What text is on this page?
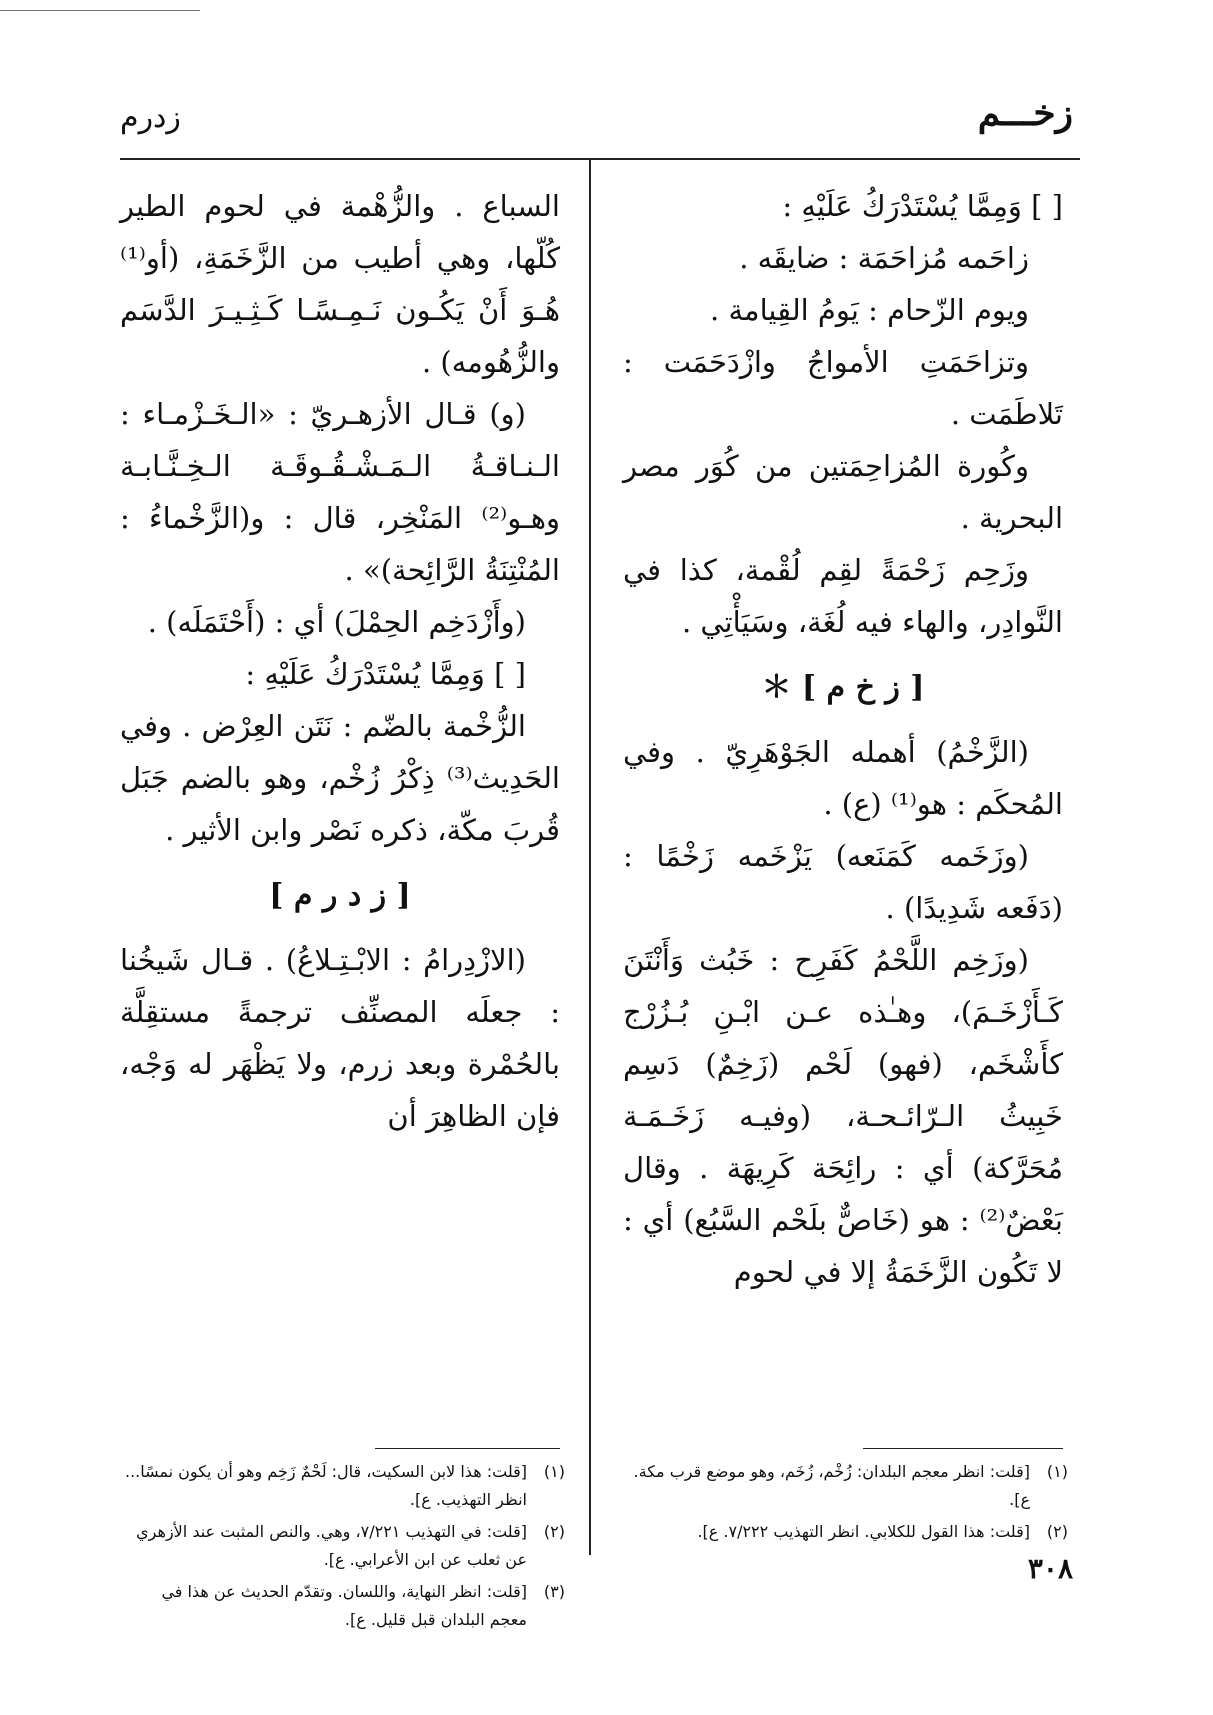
زخـــم
زدرم

[ ] وَمِمَّا يُسْتَدْرَكُ عَلَيْهِ :

زاحَمه مُزاحَمَة : ضايقَه .

ويوم الزّحام : يَومُ القِيامة .

وتزاحَمَتِ الأمواجُ وازْدَحَمَت : تَلاطَمَت .

وكُورة المُزاحِمَتين من كُوَر مصر البحرية .

وزَحِم زَحْمَةً لقِم لُقْمة، كذا في النَّوادِر، والهاء فيه لُغَة، وسَيَأْتِي .

[ ز خ م ] ＊

(الزَّخْمُ) أهمله الجَوْهَرِيّ . وفي المُحكَم : هو⁽¹⁾ (ع) .

(وزَخَمه كَمَنَعه) يَزْخَمه زَخْمًا : (دَفَعه شَدِيدًا) .

(وزَخِم اللَّحْمُ كَفَرِح : خَبُث وَأَنْتَنَ كَـأَزْخَـمَ)، وهـٰذه عـن ابْـنِ بُـزُرْج كأَشْخَم، (فهو) لَحْم (زَخِمٌ) دَسِم خَبِيثُ الـرّائـحـة، (وفيـه زَخَـمَـة مُحَرَّكة) أي : رائِحَة كَرِيهَة . وقال بَعْضٌ⁽²⁾ : هو (خَاصٌّ بلَحْم السَّبُع) أي : لا تَكُون الزَّخَمَةُ إلا في لحوم

السباع . والزُّهْمة في لحوم الطير كُلّها، وهي أطيب من الزَّخَمَةِ، (أو⁽¹⁾ هُـوَ أَنْ يَكُـون نَـمِـسًـا كَـثِـيـرَ الدَّسَم والزُّهُومه) .

(و) قـال الأزهـريّ : «الـخَـزْمـاء : الـنـاقـةُ الـمَـشْـقُـوقَـة الـخِـنَّـابـة وهـو⁽²⁾ المَنْخِر، قال : و(الزَّخْماءُ : المُنْتِنَةُ الرَّائِحة)» .

(وأَزْدَخِم الحِمْلَ) أي : (أَحْتَمَلَه) .

[ ] وَمِمَّا يُسْتَدْرَكُ عَلَيْهِ :

الزُّخْمة بالضّم : نَتَن العِرْض . وفي الحَدِيث⁽³⁾ ذِكْرُ زُخْم، وهو بالضم جَبَل قُربَ مكّة، ذكره نَصْر وابن الأثير .

[ ز د ر م ]

(الازْدِرامُ : الابْـتِـلاعُ) . قـال شَيخُنا : جعلَه المصنِّف ترجمةً مستقِلَّة بالحُمْرة وبعد زرم، ولا يَظْهَر له وَجْه، فإن الظاهِرَ أن

(١)
[قلت: انظر معجم البلدان: زُخْم، زُخَم، وهو موضع قرب مكة. ع].
(٢)
[قلت: هذا القول للكلابي. انظر التهذيب ٧/٢٢٢. ع].
(١)
[قلت: هذا لابن السكيت، قال: لَحْمٌ زَخِم وهو أن يكون نمسًا... انظر التهذيب. ع].
(٢)
[قلت: في التهذيب ٧/٢٢١، وهي. والنص المثبت عند الأزهري عن ثعلب عن ابن الأعرابي. ع].
(٣)
[قلت: انظر النهاية، واللسان. وتقدّم الحديث عن هذا في معجم البلدان قبل قليل. ع].
٣٠٨
